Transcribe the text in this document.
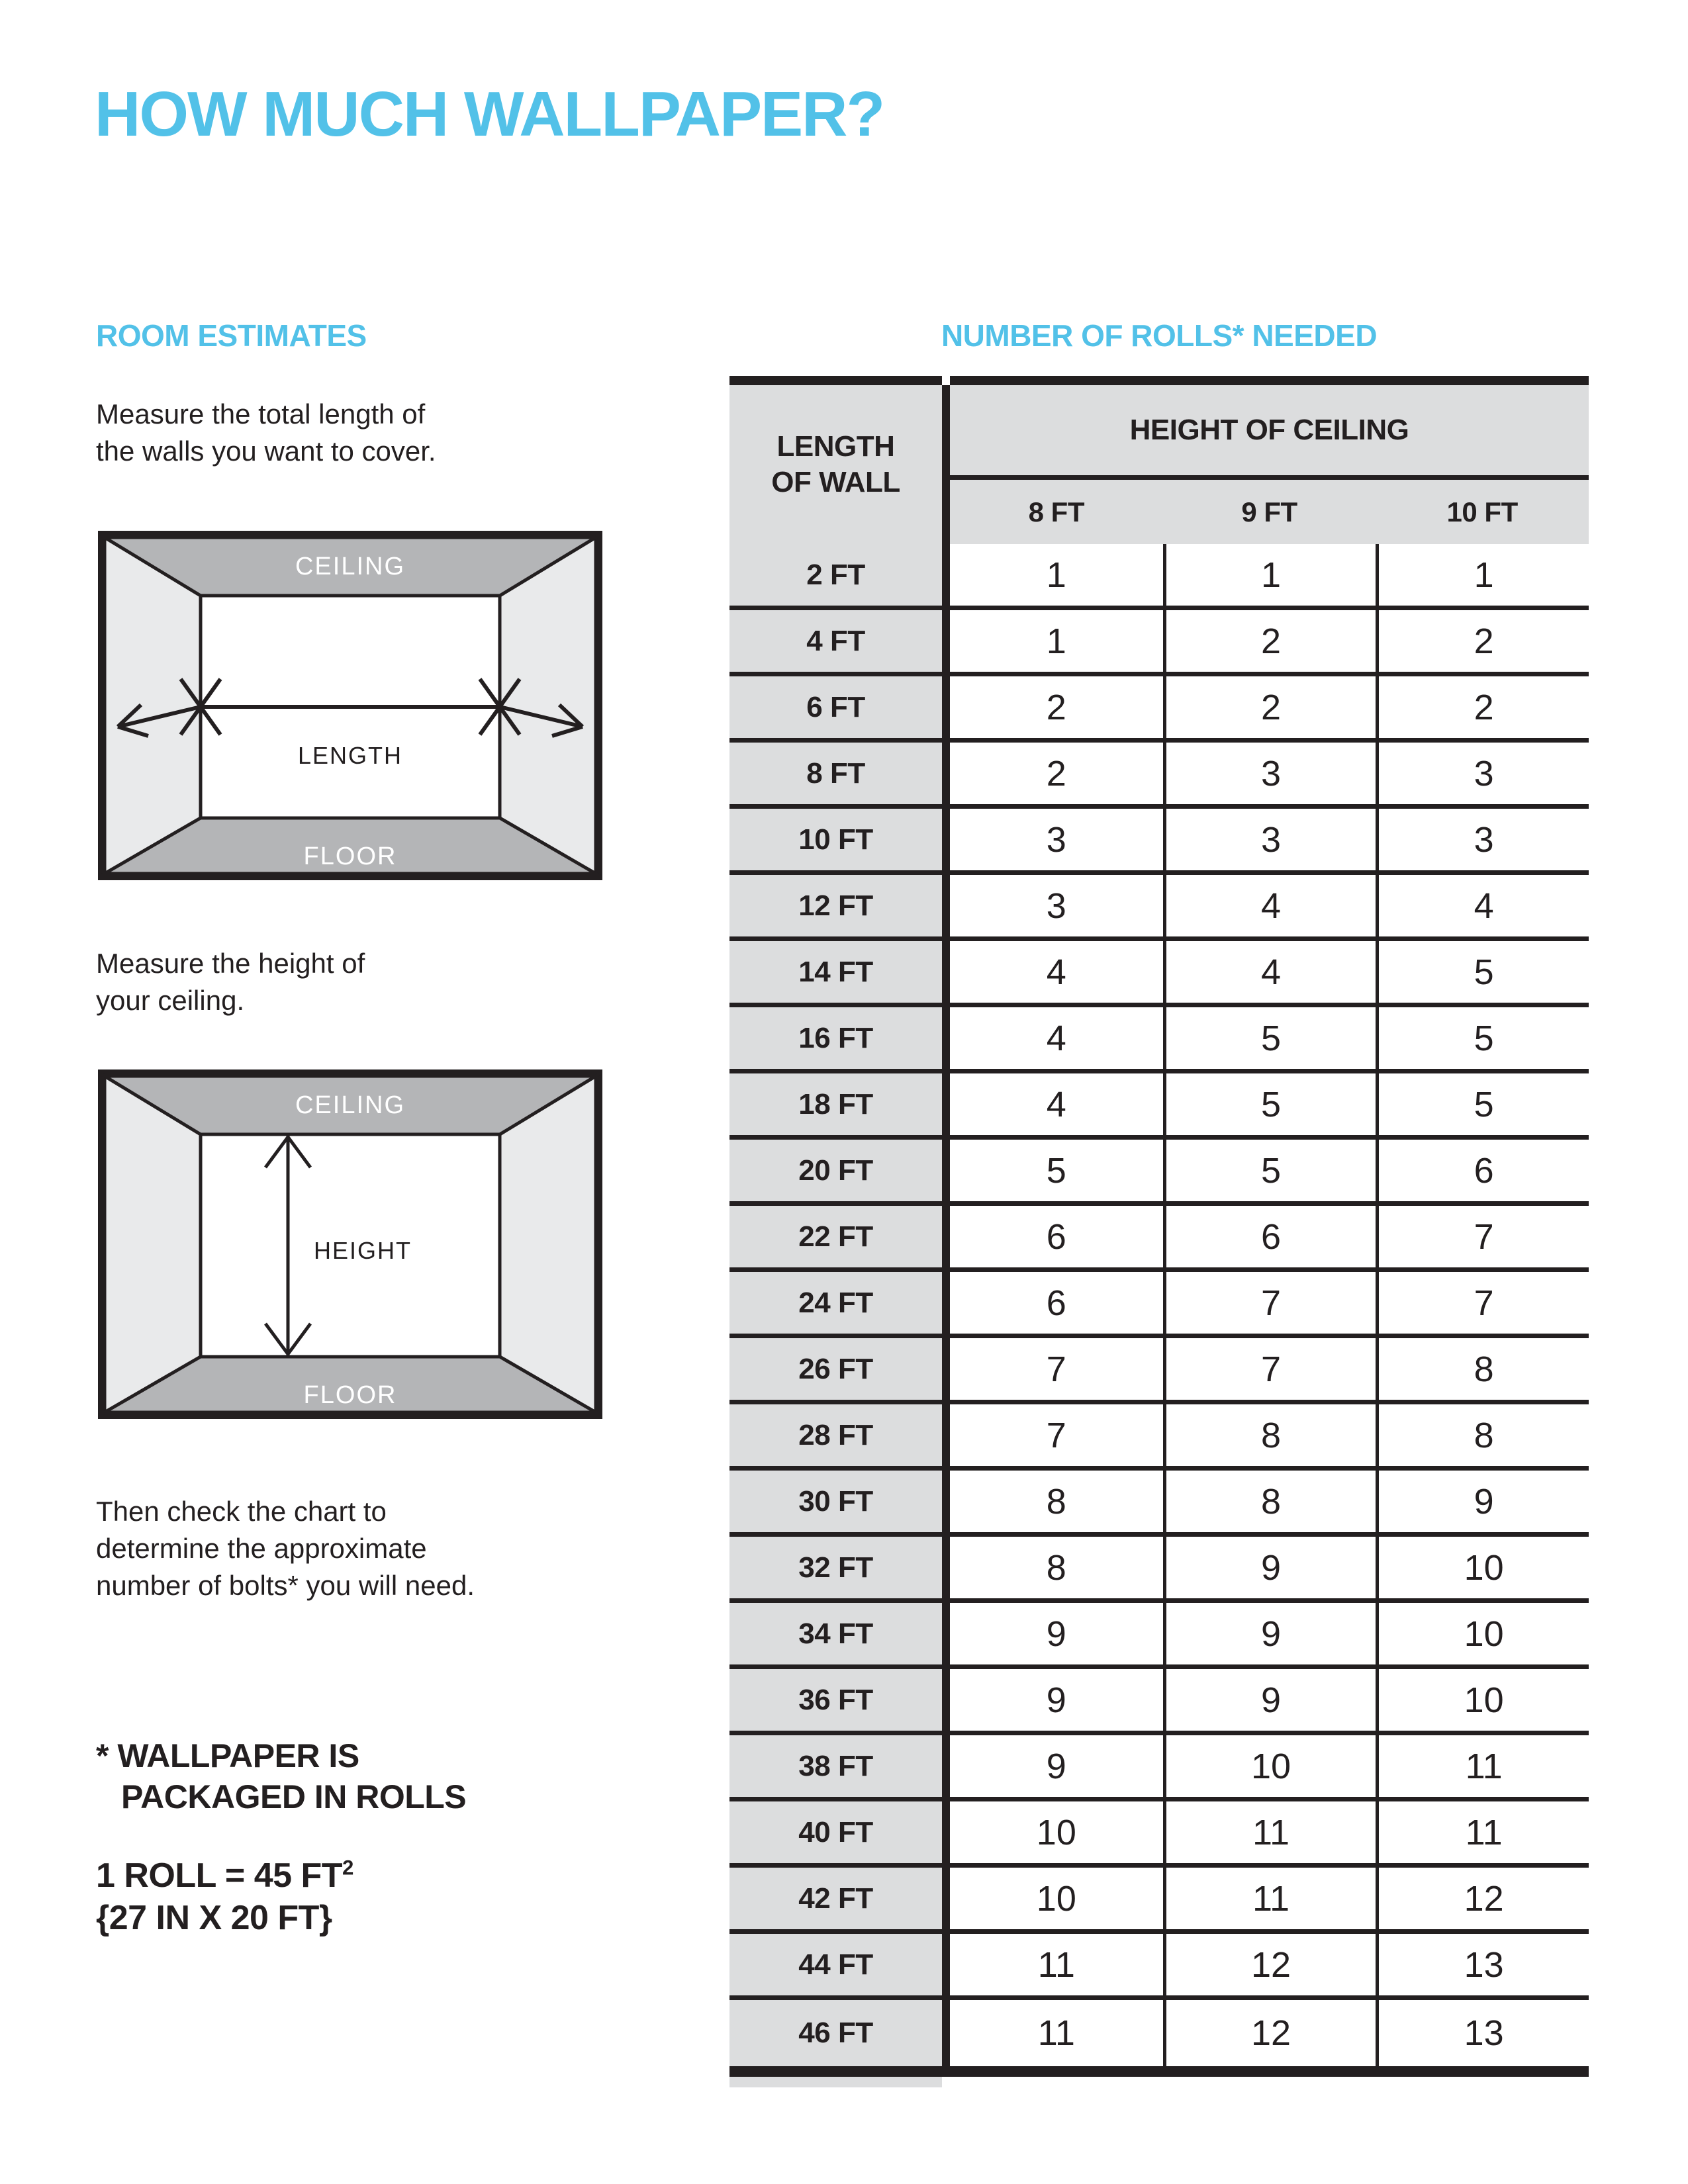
HOW MUCH WALLPAPER?
ROOM ESTIMATES	NUMBER OF ROLLS* NEEDED
Measure the total length of
the walls you want to cover.
CEILING
FLOOR
LENGTH
Measure the height of
your ceiling.
CEILING
FLOOR
HEIGHT
Then check the chart to
determine the approximate
number of bolts* you will need.
* WALLPAPER IS
PACKAGED IN ROLLS
1 ROLL = 45 $FT^2$
{27 IN X 20 FT}
LENGTH
OF WALL
HEIGHT OF CEILING
8 FT	9 FT	10 FT
2 FT	1	1	1
4 FT	1	2	2
6 FT	2	2	2
8 FT	2	3	3
10 FT	3	3	3
12 FT	3	4	4
14 FT	4	4	5
16 FT	4	5	5
18 FT	4	5	5
20 FT	5	5	6
22 FT	6	6	7
24 FT	6	7	7
26 FT	7	7	8
28 FT	7	8	8
30 FT	8	8	9
32 FT	8	9	10
34 FT	9	9	10
36 FT	9	9	10
38 FT	9	10	11
40 FT	10	11	11
42 FT	10	11	12
44 FT	11	12	13
46 FT	11	12	13
